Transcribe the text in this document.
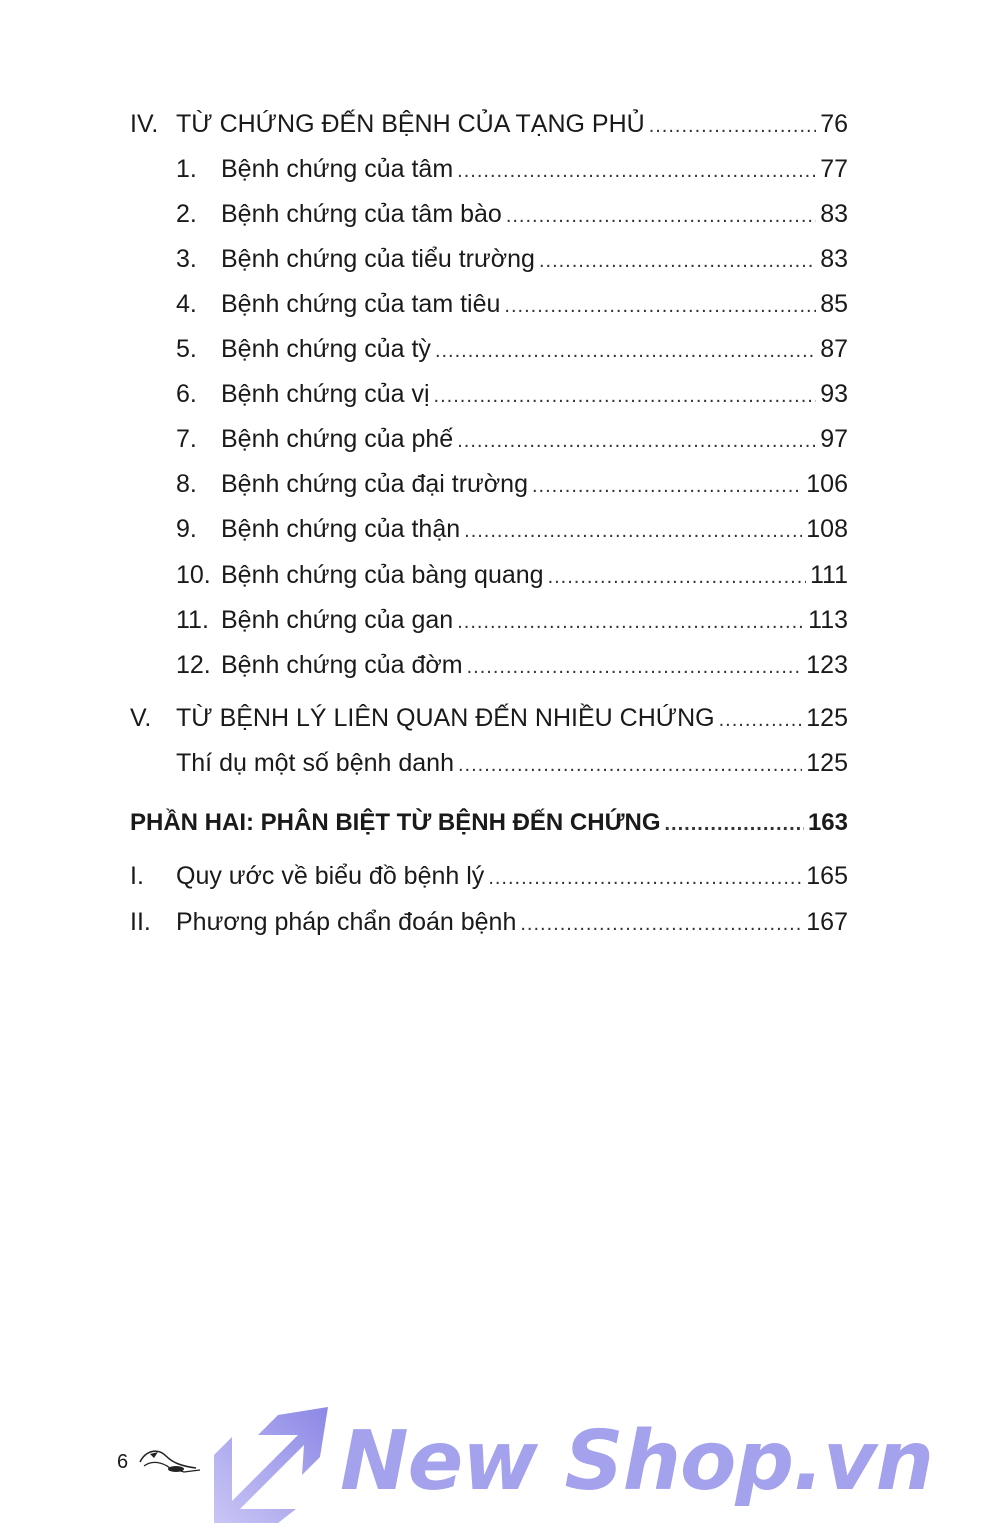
IV. TỪ CHỨNG ĐẾN BỆNH CỦA TẠNG PHỦ .....	76
1. Bệnh chứng của tâm .....	77
2. Bệnh chứng của tâm bào .....	83
3. Bệnh chứng của tiểu trường .....	83
4. Bệnh chứng của tam tiêu .....	85
5. Bệnh chứng của tỳ .....	87
6. Bệnh chứng của vị .....	93
7. Bệnh chứng của phế .....	97
8. Bệnh chứng của đại trường .....	106
9. Bệnh chứng của thận .....	108
10. Bệnh chứng của bàng quang .....	111
11. Bệnh chứng của gan .....	113
12. Bệnh chứng của đờm .....	123
V. TỪ BỆNH LÝ LIÊN QUAN ĐẾN NHIỀU CHỨNG .....	125
Thí dụ một số bệnh danh .....	125
PHẦN HAI: PHÂN BIỆT TỪ BỆNH ĐẾN CHỨNG .....	163
I.	Quy ước về biểu đồ bệnh lý .....	165
II.	Phương pháp chẩn đoán bệnh .....	167
6	New Shop.vn
